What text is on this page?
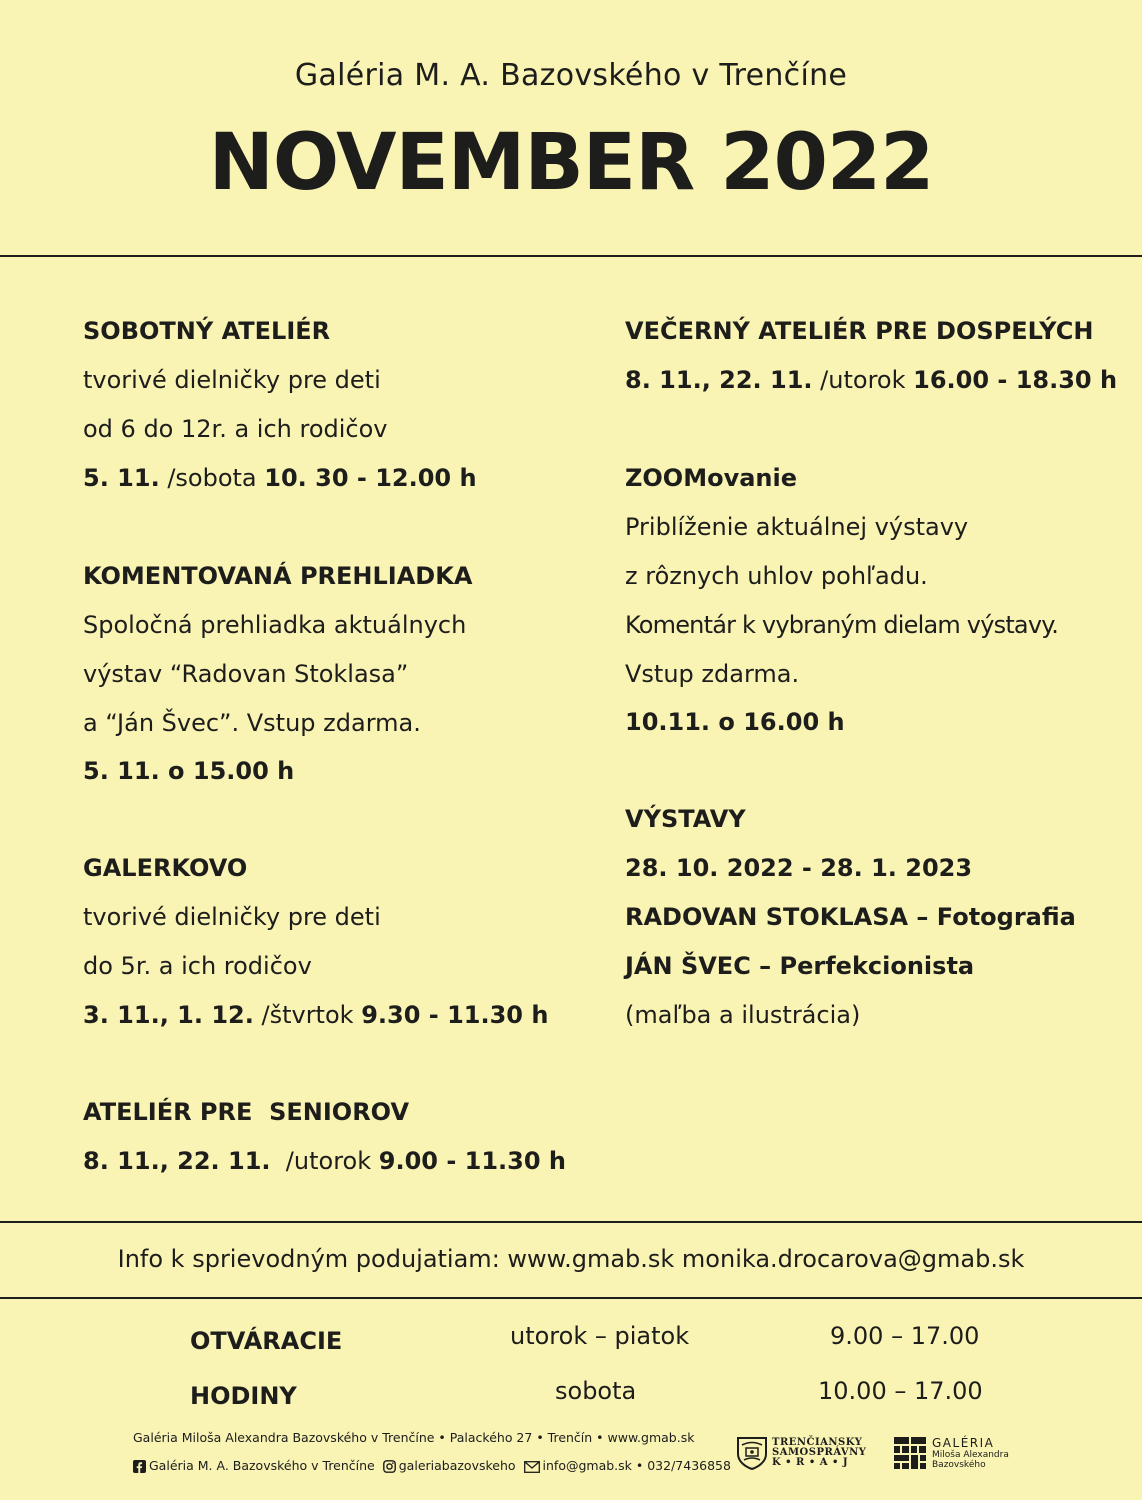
Galéria M. A. Bazovského v Trenčíne
NOVEMBER 2022
SOBOTNÝ ATELIÉR
tvorivé dielničky pre deti
od 6 do 12r. a ich rodičov
5. 11. /sobota 10. 30 - 12.00 h
KOMENTOVANÁ PREHLIADKA
Spoločná prehliadka aktuálnych
výstav “Radovan Stoklasa”
a “Ján Švec”. Vstup zdarma.
5. 11. o 15.00 h
GALERKOVO
tvorivé dielničky pre deti
do 5r. a ich rodičov
3. 11., 1. 12. /štvrtok 9.30 - 11.30 h
ATELIÉR PRE  SENIOROV
8. 11., 22. 11.  /utorok 9.00 - 11.30 h
VEČERNÝ ATELIÉR PRE DOSPELÝCH
8. 11., 22. 11. /utorok 16.00 - 18.30 h
ZOOMovanie
Priblíženie aktuálnej výstavy
z rôznych uhlov pohľadu.
Komentár k vybraným dielam výstavy.
Vstup zdarma.
10.11. o 16.00 h
VÝSTAVY
28. 10. 2022 - 28. 1. 2023
RADOVAN STOKLASA – Fotografia
JÁN ŠVEC – Perfekcionista
(maľba a ilustrácia)
Info k sprievodným podujatiam: www.gmab.sk monika.drocarova@gmab.sk
OTVÁRACIE
HODINY
utorok – piatok
sobota
9.00 – 17.00
10.00 – 17.00
Galéria Miloša Alexandra Bazovského v Trenčíne • Palackého 27 • Trenčín • www.gmab.sk
Galéria M. A. Bazovského v Trenčíne galeriabazovskeho info@gmab.sk • 032/7436858
TRENČIANSKY
SAMOSPRÁVNY
K • R • A • J
GALÉRIA
Miloša Alexandra
Bazovského
